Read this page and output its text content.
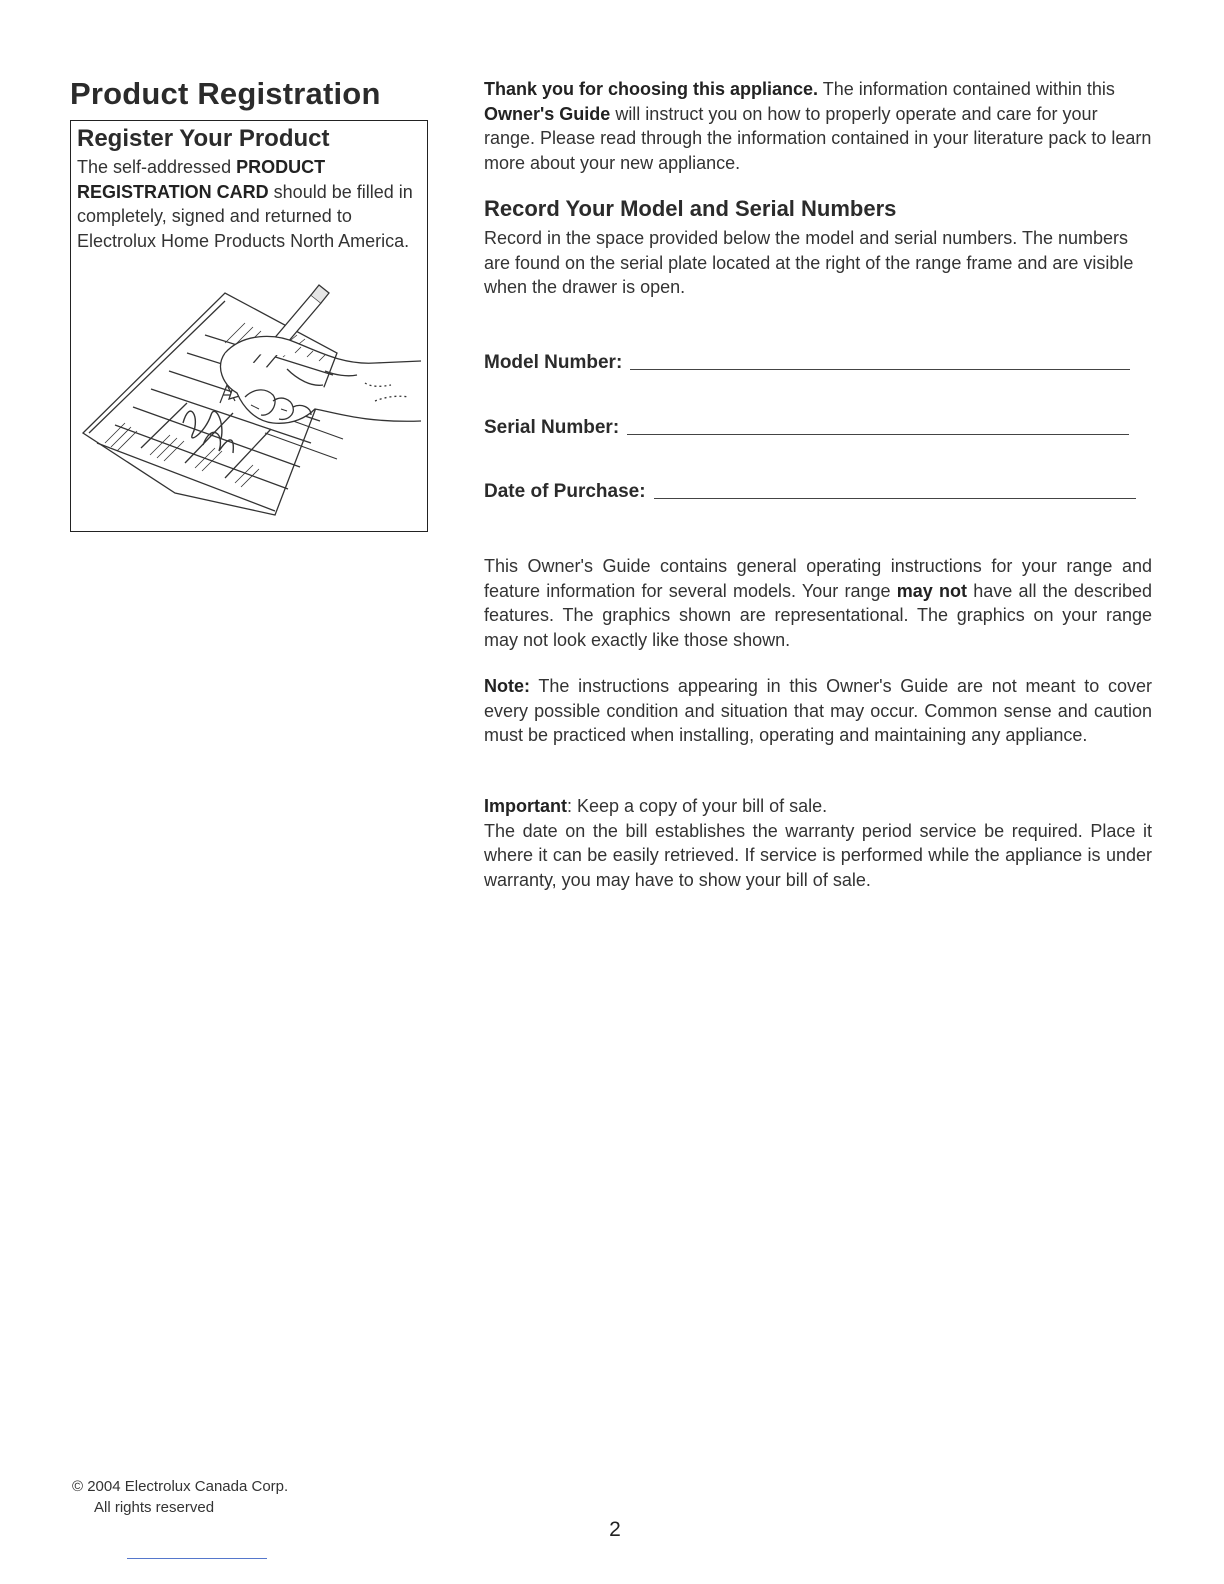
Product Registration
Register Your Product

The self-addressed PRODUCT REGISTRATION CARD should be filled in completely, signed and returned to Electrolux Home Products North America.

Thank you for choosing this appliance. The information contained within this Owner's Guide will instruct you on how to properly operate and care for your range. Please read through the information contained in your literature pack to learn more about your new appliance.

Record Your Model and Serial Numbers

Record in the space provided below the model and serial numbers. The numbers are found on the serial plate located at the right of the range frame and are visible when the drawer is open.

Model Number:
Serial Number:
Date of Purchase:

This Owner's Guide contains general operating instructions for your range and feature information for several models. Your range may not have all the described features. The graphics shown are representational. The graphics on your range may not look exactly like those shown.

Note: The instructions appearing in this Owner's Guide are not meant to cover every possible condition and situation that may occur. Common sense and caution must be practiced when installing, operating and maintaining any appliance.

Important: Keep a copy of your bill of sale.

The date on the bill establishes the warranty period service be required. Place it where it can be easily retrieved. If service is performed while the appliance is under warranty, you may have to show your bill of sale.

© 2004 Electrolux Canada Corp.
All rights reserved
2
